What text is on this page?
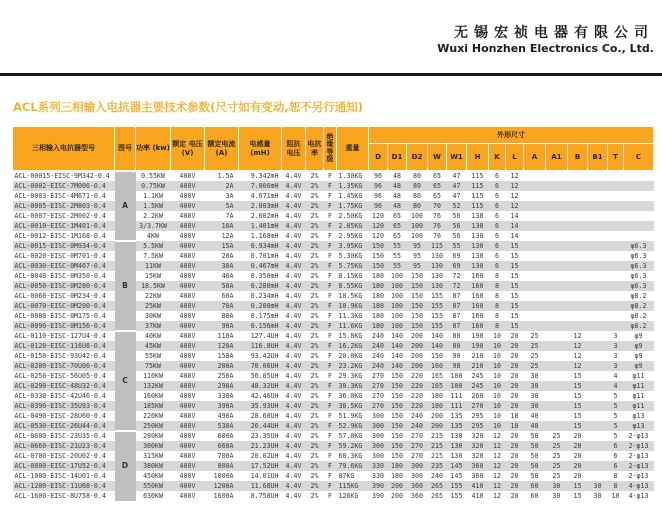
无锡宏祯电器有限公司
Wuxi Honzhen Electronics Co., Ltd.
ACL系列三相输入电抗器主要技术参数(尺寸如有变动,恕不另行通知)
三相输入电抗器型号	图号	功率 (kw)	额定 电压 (V)	额定电流 (A)	电感量 (mH)	阻抗 电压	电抗 率	绝缘等级	重量	外形尺寸													
										D	D1	D2	W	W1	H	K	L	A	A1	B	B1	T	C
ACL-00015-EISC-9M342-0.4	A	0.55KW	400V	1.5A	9.342mH	4.4V	2%	F	1.30KG	96	48	80	65	47	115	6	12						
ACL-0002-EISC-7M006-0.4		0.75KW	400V	2A	7.006mH	4.4V	2%	F	1.35KG	96	48	80	65	47	115	6	12						
ACL-0003-EISC-4M671-0.4		1.1KW	400V	3A	4.671mH	4.4V	2%	F	1.45KG	96	48	80	65	47	115	6	12						
ACL-0005-EISC-2M803-0.4		1.5KW	400V	5A	2.803mH	4.4V	2%	F	1.75KG	96	48	80	70	52	115	6	12						
ACL-0007-EISC-2M002-0.4		2.2KW	400V	7A	2.002mH	4.4V	2%	F	2.50KG	120	65	100	76	56	138	6	14						
ACL-0010-EISC-1M401-0.4		3/3.7KW	400V	10A	1.401mH	4.4V	2%	F	2.85KG	120	65	100	76	56	138	6	14						
ACL-0012-EISC-1M168-0.4		4KW	400V	12A	1.168mH	4.4V	2%	F	2.95KG	120	65	100	76	56	138	6	14						
ACL-0015-EISC-0M934-0.4	B	5.5KW	400V	15A	0.934mH	4.4V	2%	F	3.95KG	150	55	95	115	55	130	6	15						φ6.3
ACL-0020-EISC-0M701-0.4		7.5KW	400V	20A	0.701mH	4.4V	2%	F	5.30KG	150	55	95	130	69	130	6	15						φ6.3
ACL-0030-EISC-0M467-0.4		11KW	400V	30A	0.467mH	4.4V	2%	F	5.75KG	150	55	95	130	69	130	6	15						φ6.3
ACL-0040-EISC-0M350-0.4		15KW	400V	40A	0.350mH	4.4V	2%	F	8.15KG	180	100	150	130	72	160	8	15						φ6.3
ACL-0050-EISC-0M280-0.4		18.5KW	400V	50A	0.280mH	4.4V	2%	F	8.55KG	180	100	150	130	72	160	8	15						φ6.3
ACL-0060-EISC-0M234-0.4		22KW	400V	60A	0.234mH	4.4V	2%	F	10.5KG	180	100	150	155	87	160	8	15						φ8.2
ACL-0070-EISC-0M200-0.4		25KW	400V	70A	0.200mH	4.4V	2%	F	10.9KG	180	100	150	155	87	160	8	15						φ8.2
ACL-0080-EISC-0M175-0.4		30KW	400V	80A	0.175mH	4.4V	2%	F	11.3KG	180	100	150	155	87	160	8	15						φ8.2
ACL-0090-EISC-0M156-0.4		37KW	400V	90A	0.156mH	4.4V	2%	F	11.6KG	180	100	150	155	87	160	8	15						φ8.2
ACL-0110-EISC-127U4-0.4	C	40KW	400V	110A	127.4UH	4.4V	2%	F	15.8KG	240	140	200	140	80	190	10	20	25		12		3	φ9
ACL-0120-EISC-116U8-0.4		45KW	400V	120A	116.8UH	4.4V	2%	F	16.2KG	240	140	200	140	80	190	10	20	25		12		3	φ9
ACL-0150-EISC-93U42-0.4		55KW	400V	150A	93.42UH	4.4V	2%	F	20.0KG	240	140	200	150	90	210	10	20	25		12		3	φ9
ACL-0200-EISC-70U06-0.4		75KW	400V	200A	70.06UH	4.4V	2%	F	23.2KG	240	140	200	160	98	210	10	20	25		12		3	φ9
ACL-0250-EISC-56U05-0.4		110KW	400V	250A	56.05UH	4.4V	2%	F	29.3KG	270	150	220	165	100	245	10	20	30		15		4	φ11
ACL-0290-EISC-48U32-0.4		132KW	400V	290A	48.32UH	4.4V	2%	F	30.3KG	270	150	220	165	100	245	10	20	30		15		4	φ11
ACL-0330-EISC-42U46-0.4		160KW	400V	330A	42.46UH	4.4V	2%	F	36.0KG	270	150	220	180	111	260	10	20	30		15		5	φ11
ACL-0390-EISC-35U93-0.4		185KW	400V	390A	35.93UH	4.4V	2%	F	38.5KG	270	150	220	180	111	270	10	20	30		15		5	φ11
ACL-0490-EISC-28U60-0.4		220KW	400V	490A	28.60UH	4.4V	2%	F	51.9KG	300	150	240	200	135	295	10	18	40		15		5	φ13
ACL-0530-EISC-26U44-0.4		250KW	400V	530A	26.44UH	4.4V	2%	F	52.9KG	300	150	240	200	135	295	10	18	40		15		5	φ13
ACL-0600-EISC-23U35-0.4	D	280KW	400V	600A	23.35UH	4.4V	2%	F	57.0KG	300	150	270	215	130	320	12	20	50	25	20		5	2-φ13
ACL-0660-EISC-21U23-0.4		300KW	400V	660A	21.23UH	4.4V	2%	F	59.2KG	300	150	270	215	130	320	12	20	50	25	20		6	2-φ13
ACL-0700-EISC-20U02-0.4		315KW	400V	700A	20.02UH	4.4V	2%	F	60.3KG	300	150	270	215	130	320	12	20	50	25	20		6	2-φ13
ACL-0800-EISC-17U52-0.4		380KW	400V	800A	17.52UH	4.4V	2%	F	79.6KG	330	180	300	235	145	360	12	20	50	25	20		6	2-φ13
ACL-1000-EISC-14U01-0.4		450KW	400V	1000A	14.01UH	4.4V	2%	F	87KG	330	180	300	240	145	360	12	20	50	25	20		8	2-φ13
ACL-1200-EISC-11U68-0.4		550KW	400V	1200A	11.68UH	4.4V	2%	F	115KG	390	200	360	265	155	410	12	20	60	30	15	30	8	4-φ13
ACL-1600-EISC-8U758-0.4		630KW	400V	1600A	8.758UH	4.4V	2%	F	126KG	390	200	360	265	155	410	12	20	60	30	15	30	10	4-φ13
